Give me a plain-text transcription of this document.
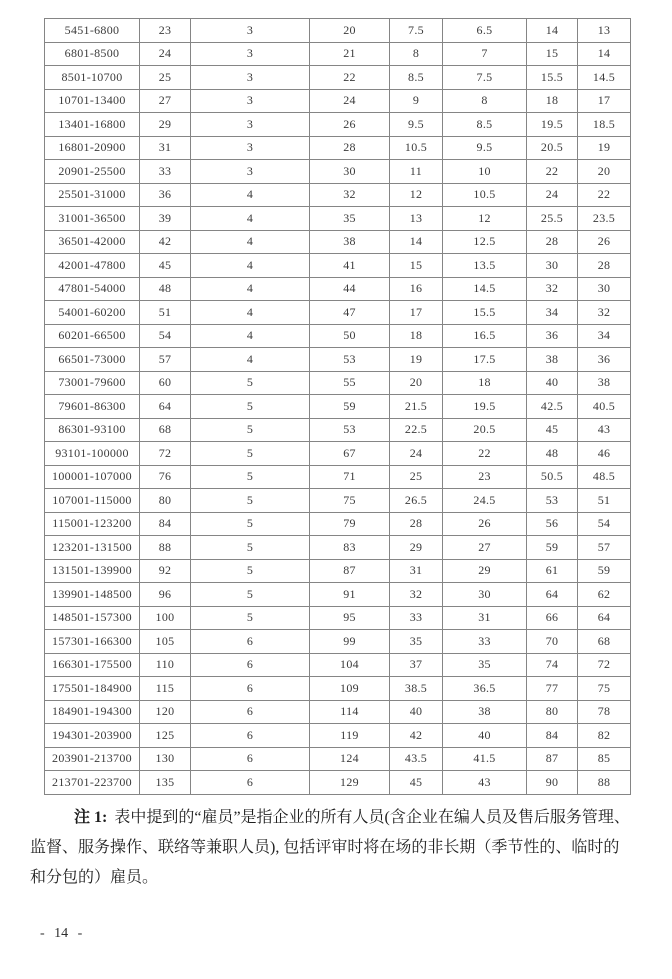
5451-6800	23	3	20	7.5	6.5	14	13
6801-8500	24	3	21	8	7	15	14
8501-10700	25	3	22	8.5	7.5	15.5	14.5
10701-13400	27	3	24	9	8	18	17
13401-16800	29	3	26	9.5	8.5	19.5	18.5
16801-20900	31	3	28	10.5	9.5	20.5	19
20901-25500	33	3	30	11	10	22	20
25501-31000	36	4	32	12	10.5	24	22
31001-36500	39	4	35	13	12	25.5	23.5
36501-42000	42	4	38	14	12.5	28	26
42001-47800	45	4	41	15	13.5	30	28
47801-54000	48	4	44	16	14.5	32	30
54001-60200	51	4	47	17	15.5	34	32
60201-66500	54	4	50	18	16.5	36	34
66501-73000	57	4	53	19	17.5	38	36
73001-79600	60	5	55	20	18	40	38
79601-86300	64	5	59	21.5	19.5	42.5	40.5
86301-93100	68	5	53	22.5	20.5	45	43
93101-100000	72	5	67	24	22	48	46
100001-107000	76	5	71	25	23	50.5	48.5
107001-115000	80	5	75	26.5	24.5	53	51
115001-123200	84	5	79	28	26	56	54
123201-131500	88	5	83	29	27	59	57
131501-139900	92	5	87	31	29	61	59
139901-148500	96	5	91	32	30	64	62
148501-157300	100	5	95	33	31	66	64
157301-166300	105	6	99	35	33	70	68
166301-175500	110	6	104	37	35	74	72
175501-184900	115	6	109	38.5	36.5	77	75
184901-194300	120	6	114	40	38	80	78
194301-203900	125	6	119	42	40	84	82
203901-213700	130	6	124	43.5	41.5	87	85
213701-223700	135	6	129	45	43	90	88
注 1: 表中提到的“雇员”是指企业的所有人员(含企业在编人员及售后服务管理、
监督、服务操作、联络等兼职人员), 包括评审时将在场的非长期（季节性的、临时的
和分包的）雇员。
- 14 -
